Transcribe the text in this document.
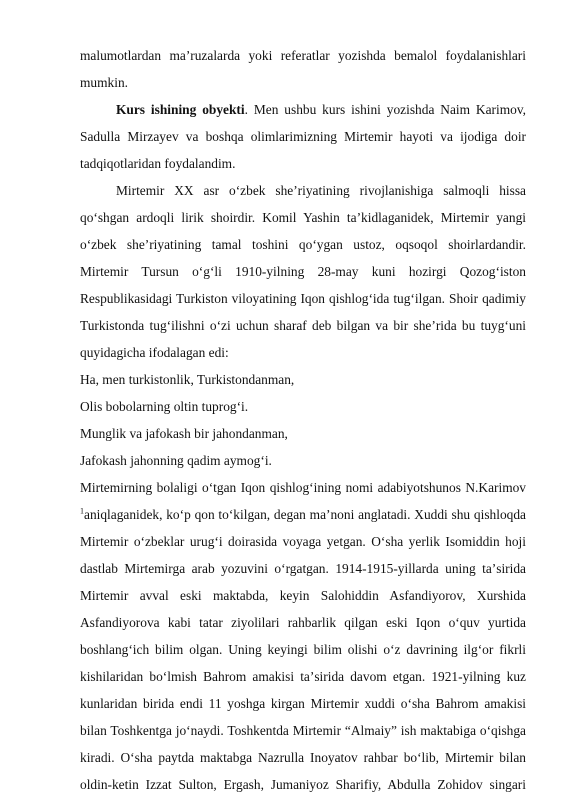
malumotlardan maʼruzalarda yoki referatlar yozishda bemalol foydalanishlari
mumkin.
Kurs ishining obyekti. Men ushbu kurs ishini yozishda Naim Karimov,
Sadulla Mirzayev va boshqa olimlarimizning Mirtemir hayoti va ijodiga doir
tadqiqotlaridan foydalandim.
Mirtemir XX asr oʻzbek sheʼriyatining rivojlanishiga salmoqli hissa
qoʻshgan ardoqli lirik shoirdir. Komil Yashin taʼkidlaganidek, Mirtemir yangi
oʻzbek sheʼriyatining tamal toshini qoʻygan ustoz, oqsoqol shoirlardandir.
Mirtemir Tursun oʻgʻli 1910-yilning 28-may kuni hozirgi Qozogʻiston
Respublikasidagi Turkiston viloyatining Iqon qishlogʻida tugʻilgan. Shoir qadimiy
Turkistonda tugʻilishni oʻzi uchun sharaf deb bilgan va bir sheʼrida bu tuygʻuni
quyidagicha ifodalagan edi:
Ha, men turkistonlik, Turkistondanman,
Olis bobolarning oltin tuprogʻi.
Munglik va jafokash bir jahondanman,
Jafokash jahonning qadim aymogʻi.
Mirtemirning bolaligi oʻtgan Iqon qishlogʻining nomi adabiyotshunos N.Karimov
$^1$aniqlaganidek, koʻp qon toʻkilgan, degan maʼnoni anglatadi. Xuddi shu qishloqda
Mirtemir oʻzbeklar urugʻi doirasida voyaga yetgan. Oʻsha yerlik Isomiddin hoji
dastlab Mirtemirga arab yozuvini oʻrgatgan. 1914-1915-yillarda uning taʼsirida
Mirtemir avval eski maktabda, keyin Salohiddin Asfandiyorov, Xurshida
Asfandiyorova kabi tatar ziyolilari rahbarlik qilgan eski Iqon oʻquv yurtida
boshlangʻich bilim olgan. Uning keyingi bilim olishi oʻz davrining ilgʻor fikrli
kishilaridan boʻlmish Bahrom amakisi taʼsirida davom etgan. 1921-yilning kuz
kunlaridan birida endi 11 yoshga kirgan Mirtemir xuddi oʻsha Bahrom amakisi
bilan Toshkentga joʻnaydi. Toshkentda Mirtemir “Almaiy” ish maktabiga oʻqishga
kiradi. Oʻsha paytda maktabga Nazrulla Inoyatov rahbar boʻlib, Mirtemir bilan
oldin-ketin Izzat Sulton, Ergash, Jumaniyoz Sharifiy, Abdulla Zohidov singari
